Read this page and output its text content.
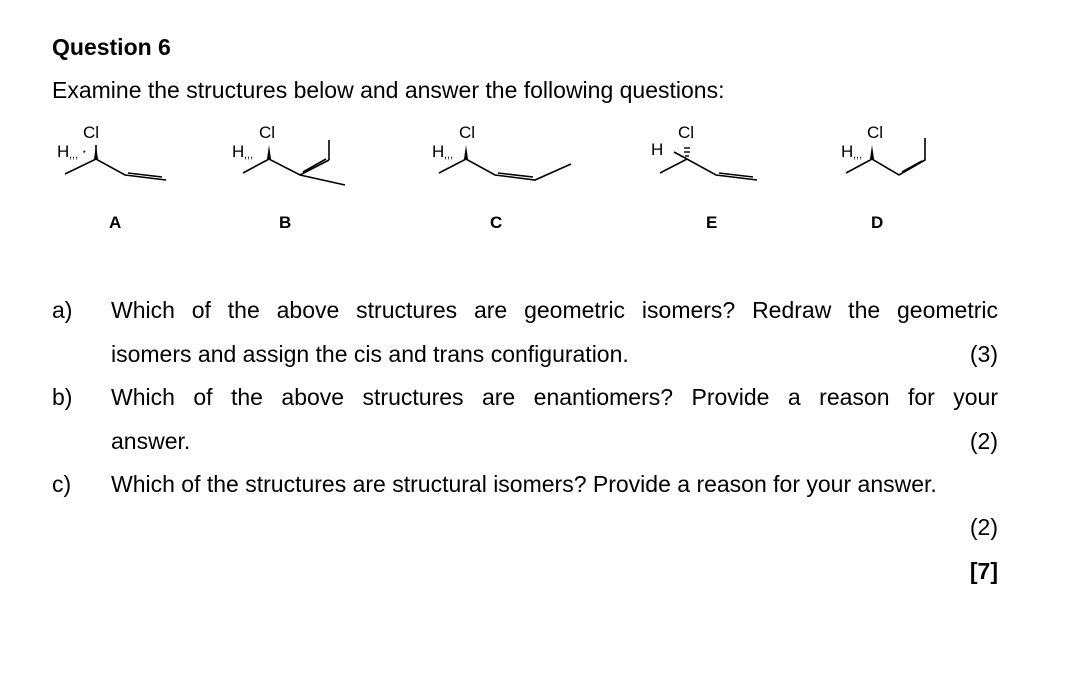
Question 6
Examine the structures below and answer the following questions:
Cl	Cl	Cl	Cl	Cl
H	H	H	H	H
,,,	,,,	,,,	,,,
A	B	C	E	D
a) Which of the above structures are geometric isomers? Redraw the geometric
isomers and assign the cis and trans configuration.	(3)
b) Which of the above structures are enantiomers? Provide a reason for your
answer.	(2)
c) Which of the structures are structural isomers? Provide a reason for your answer.
(2)
[7]
